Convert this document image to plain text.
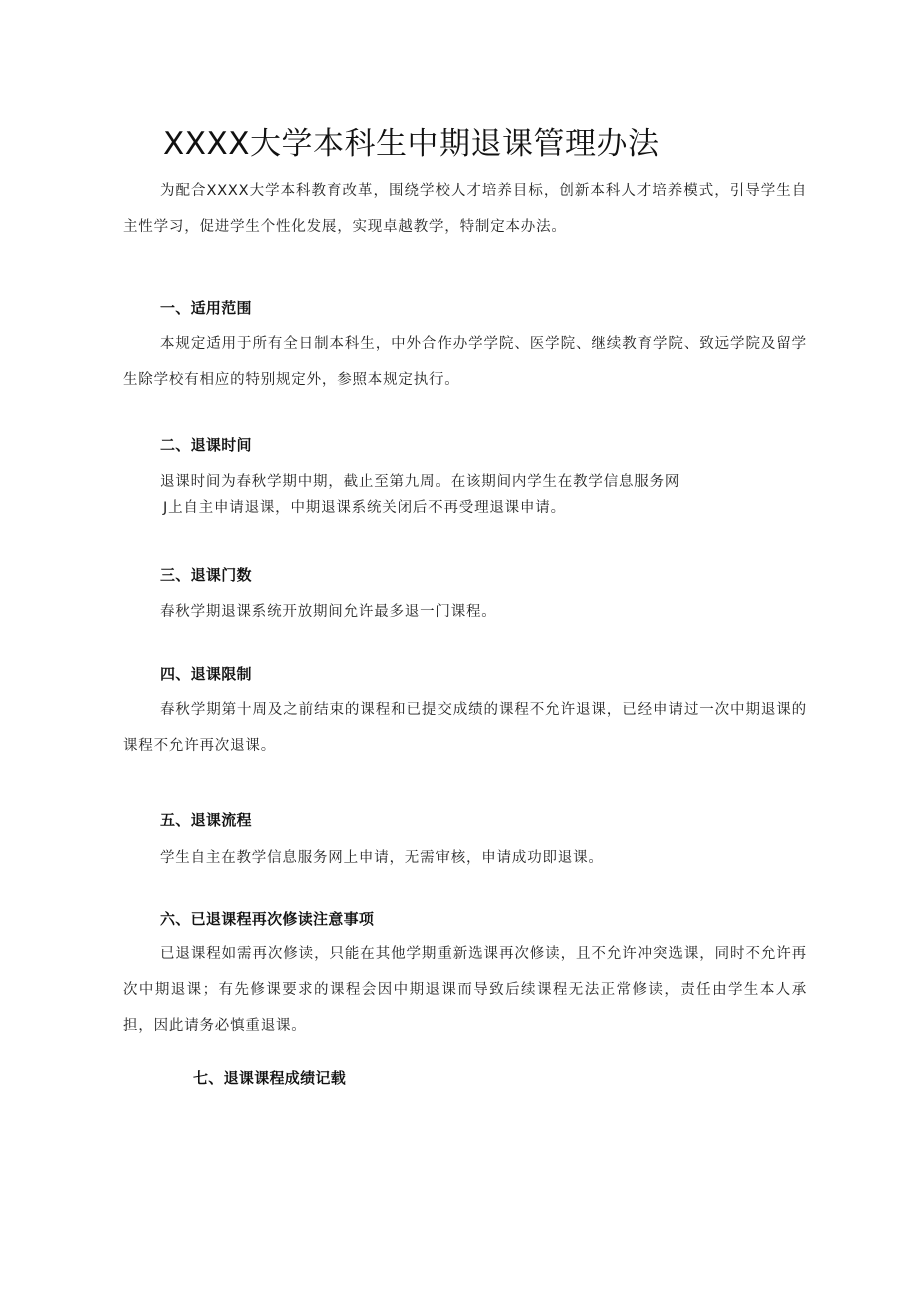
XXXX大学本科生中期退课管理办法
为配合XXXX大学本科教育改革，围绕学校人才培养目标，创新本科人才培养模式，引导学生自主性学习，促进学生个性化发展，实现卓越教学，特制定本办法。
一、适用范围
本规定适用于所有全日制本科生，中外合作办学学院、医学院、继续教育学院、致远学院及留学生除学校有相应的特别规定外，参照本规定执行。
二、退课时间
退课时间为春秋学期中期，截止至第九周。在该期间内学生在教学信息服务网
J上自主申请退课，中期退课系统关闭后不再受理退课申请。
三、退课门数
春秋学期退课系统开放期间允许最多退一门课程。
四、退课限制
春秋学期第十周及之前结束的课程和已提交成绩的课程不允许退课，已经申请过一次中期退课的课程不允许再次退课。
五、退课流程
学生自主在教学信息服务网上申请，无需审核，申请成功即退课。
六、已退课程再次修读注意事项
已退课程如需再次修读，只能在其他学期重新选课再次修读，且不允许冲突选课，同时不允许再次中期退课；有先修课要求的课程会因中期退课而导致后续课程无法正常修读，责任由学生本人承担，因此请务必慎重退课。
七、退课课程成绩记载
